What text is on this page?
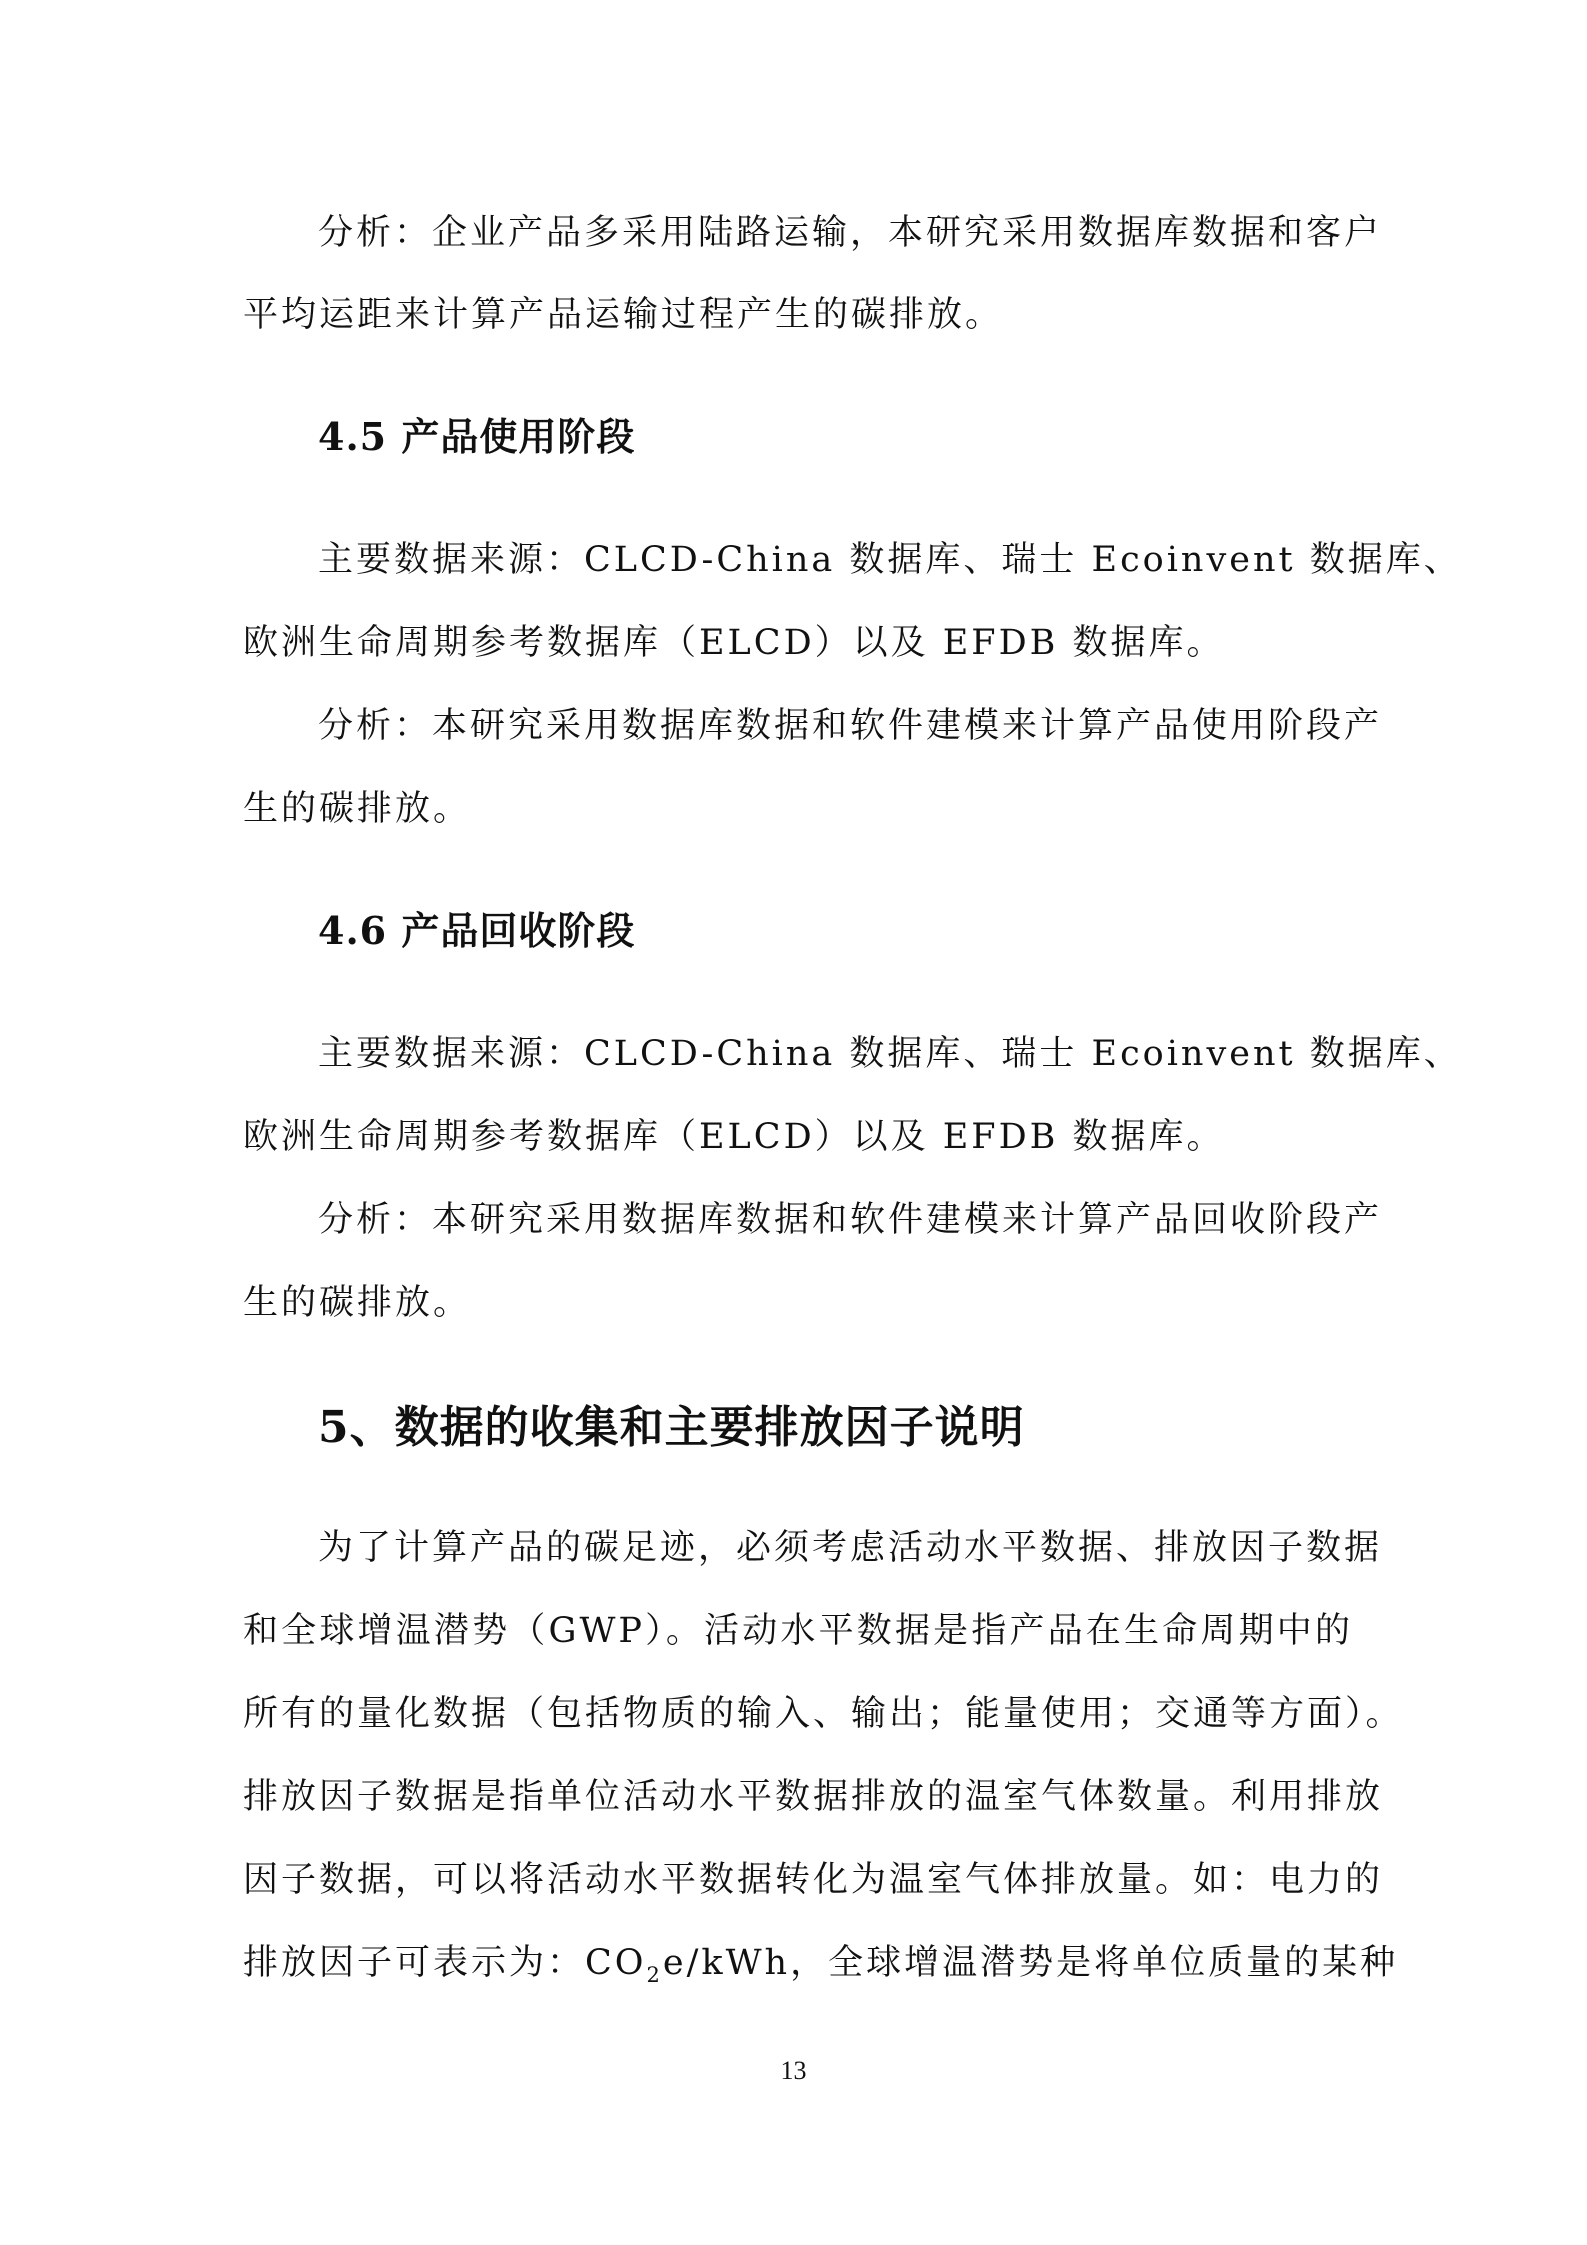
分析：企业产品多采用陆路运输，本研究采用数据库数据和客户
平均运距来计算产品运输过程产生的碳排放。
4.5 产品使用阶段
主要数据来源：CLCD-China 数据库、瑞士 Ecoinvent 数据库、
欧洲生命周期参考数据库（ELCD）以及 EFDB 数据库。
分析：本研究采用数据库数据和软件建模来计算产品使用阶段产
生的碳排放。
4.6 产品回收阶段
主要数据来源：CLCD-China 数据库、瑞士 Ecoinvent 数据库、
欧洲生命周期参考数据库（ELCD）以及 EFDB 数据库。
分析：本研究采用数据库数据和软件建模来计算产品回收阶段产
生的碳排放。
5、数据的收集和主要排放因子说明
为了计算产品的碳足迹，必须考虑活动水平数据、排放因子数据
和全球增温潜势（GWP）。活动水平数据是指产品在生命周期中的
所有的量化数据（包括物质的输入、输出；能量使用；交通等方面）。
排放因子数据是指单位活动水平数据排放的温室气体数量。利用排放
因子数据，可以将活动水平数据转化为温室气体排放量。如：电力的
排放因子可表示为：$CO_2e$/kWh，全球增温潜势是将单位质量的某种
13
